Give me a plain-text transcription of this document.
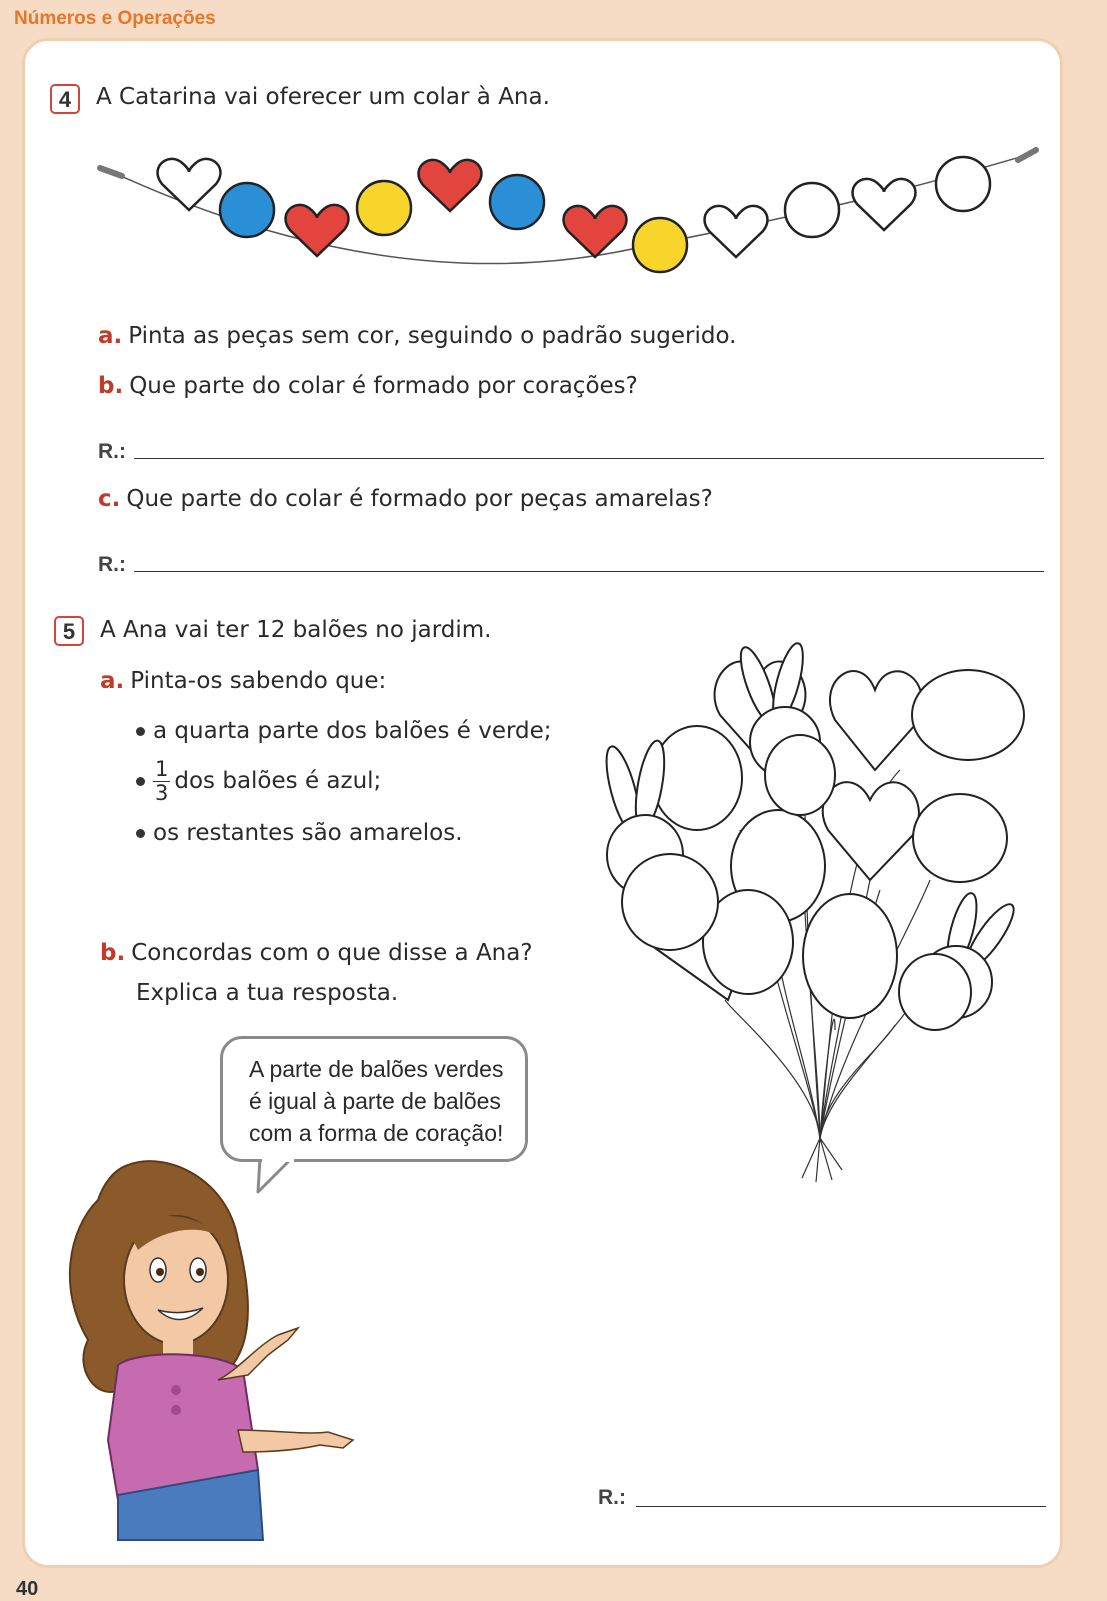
Números e Operações
4	A Catarina vai oferecer um colar à Ana.
a. Pinta as peças sem cor, seguindo o padrão sugerido.
b. Que parte do colar é formado por corações?
R.:
c. Que parte do colar é formado por peças amarelas?
R.:
5	A Ana vai ter 12 balões no jardim.
a. Pinta-os sabendo que:
a quarta parte dos balões é verde;
$\frac{1}{3}$ dos balões é azul;
os restantes são amarelos.
b. Concordas com o que disse a Ana?
Explica a tua resposta.
A parte de balões verdes
é igual à parte de balões
com a forma de coração!
R.:
40
